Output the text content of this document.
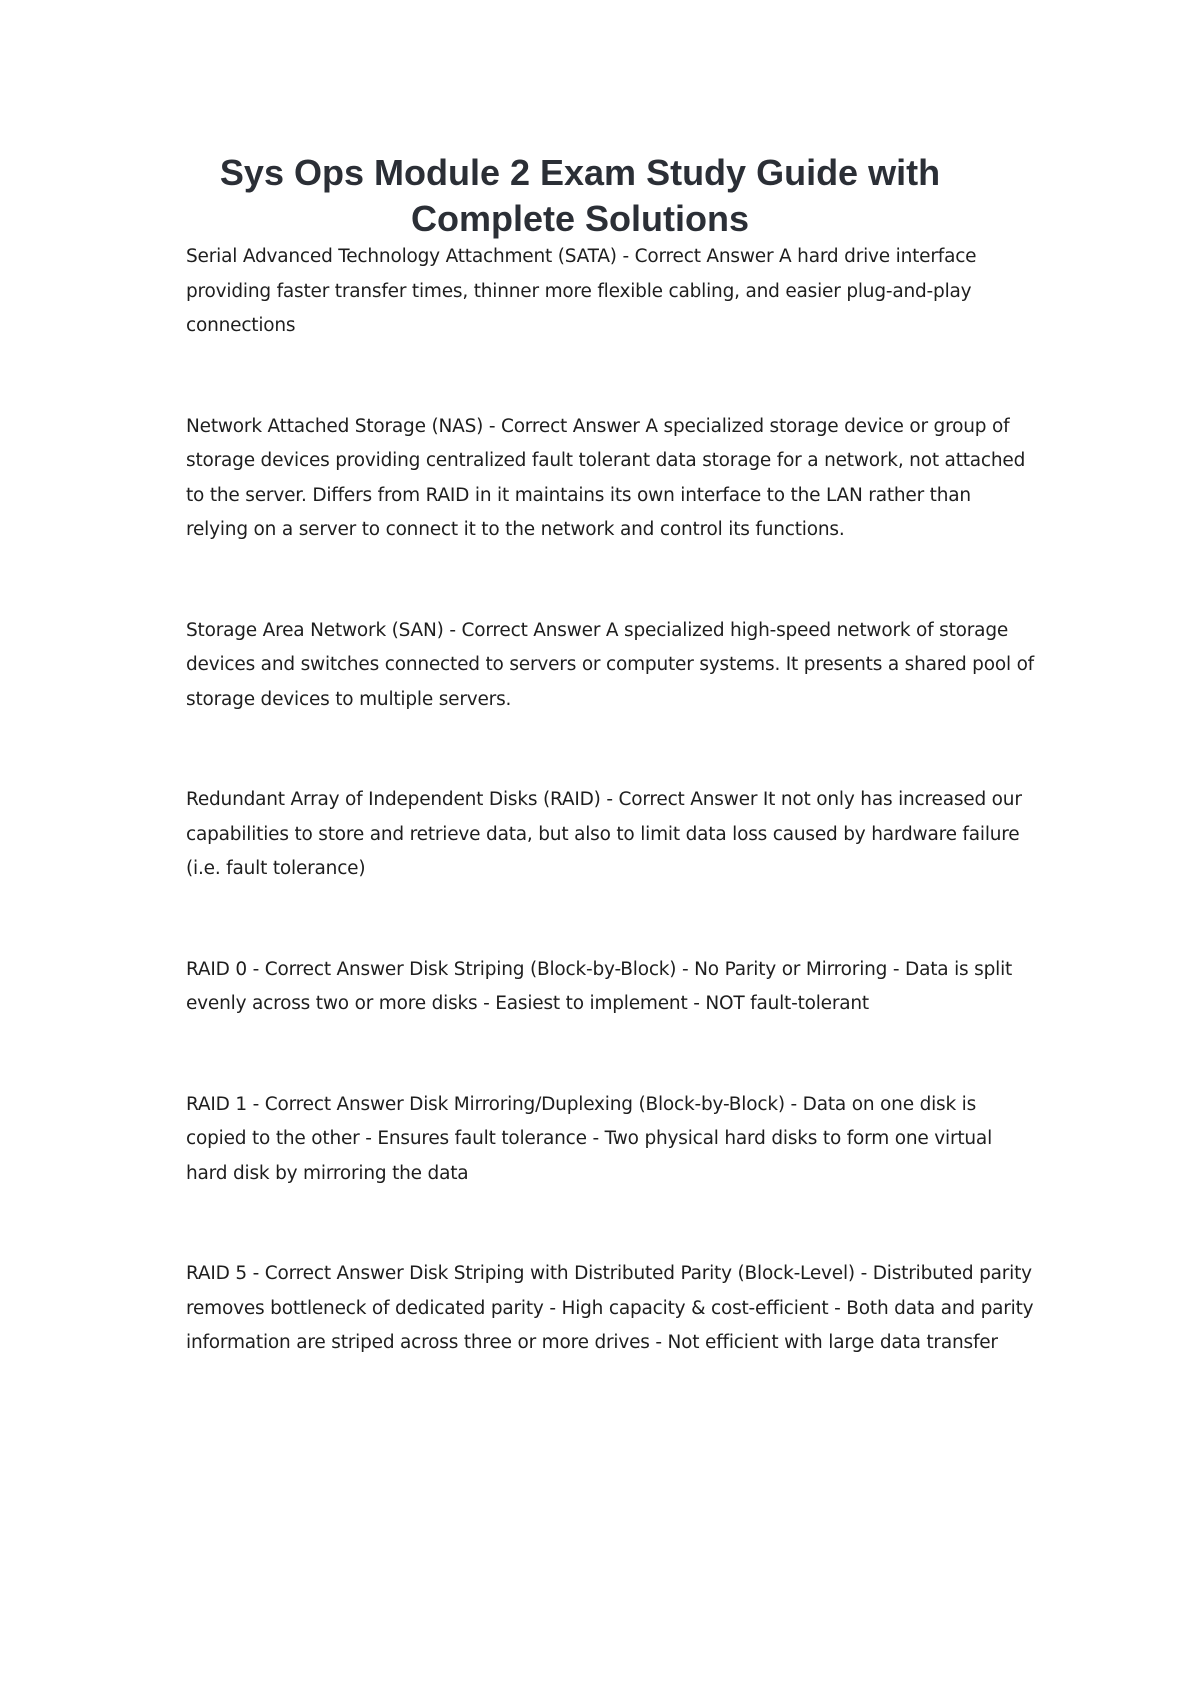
Sys Ops Module 2 Exam Study Guide with Complete Solutions

Serial Advanced Technology Attachment (SATA) - Correct Answer A hard drive interface providing faster transfer times, thinner more flexible cabling, and easier plug-and-play connections

Network Attached Storage (NAS) - Correct Answer A specialized storage device or group of storage devices providing centralized fault tolerant data storage for a network, not attached to the server. Differs from RAID in it maintains its own interface to the LAN rather than relying on a server to connect it to the network and control its functions.

Storage Area Network (SAN) - Correct Answer A specialized high-speed network of storage devices and switches connected to servers or computer systems. It presents a shared pool of storage devices to multiple servers.

Redundant Array of Independent Disks (RAID) - Correct Answer It not only has increased our capabilities to store and retrieve data, but also to limit data loss caused by hardware failure (i.e. fault tolerance)

RAID 0 - Correct Answer Disk Striping (Block-by-Block) - No Parity or Mirroring - Data is split evenly across two or more disks - Easiest to implement - NOT fault-tolerant

RAID 1 - Correct Answer Disk Mirroring/Duplexing (Block-by-Block) - Data on one disk is copied to the other - Ensures fault tolerance - Two physical hard disks to form one virtual hard disk by mirroring the data

RAID 5 - Correct Answer Disk Striping with Distributed Parity (Block-Level) - Distributed parity removes bottleneck of dedicated parity - High capacity & cost-efficient - Both data and parity information are striped across three or more drives - Not efficient with large data transfer
